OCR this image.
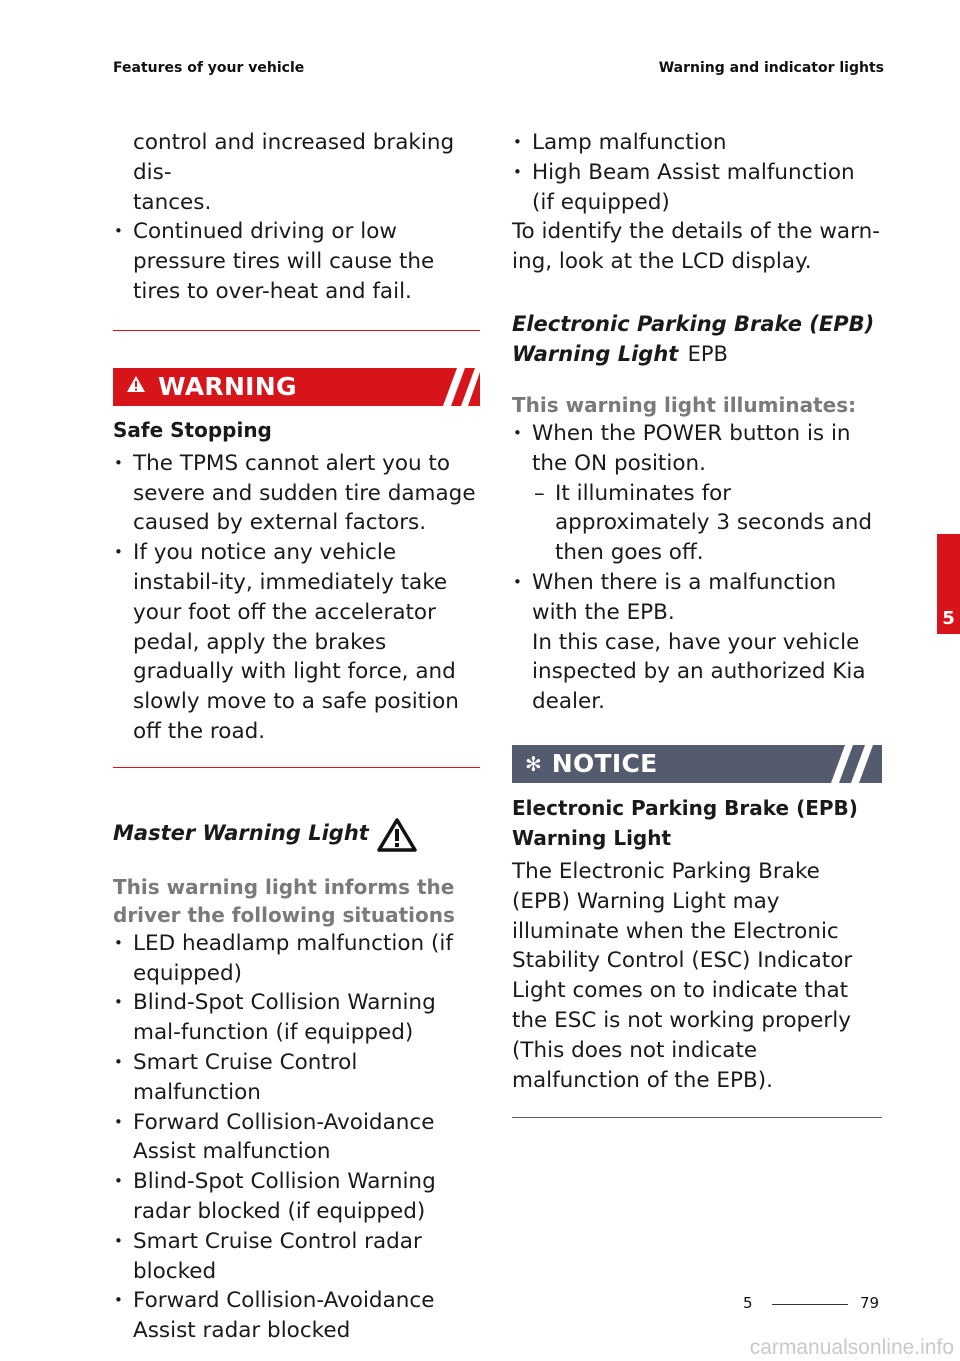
Features of your vehicle	Warning and indicator lights

control and increased braking dis-

tances.

• Continued driving or low pressure tires will cause the tires to over-heat and fail.
WARNING
Safe Stopping
• The TPMS cannot alert you to severe and sudden tire damage caused by external factors.
• If you notice any vehicle instabil-ity, immediately take your foot off the accelerator pedal, apply the brakes gradually with light force, and slowly move to a safe position off the road.
Master Warning Light
This warning light informs the driver the following situations
• LED headlamp malfunction (if equipped)
• Blind-Spot Collision Warning mal-function (if equipped)
• Smart Cruise Control malfunction
• Forward Collision-Avoidance Assist malfunction
• Blind-Spot Collision Warning radar blocked (if equipped)
• Smart Cruise Control radar blocked
• Forward Collision-Avoidance Assist radar blocked
• Lamp malfunction
• High Beam Assist malfunction (if equipped)

To identify the details of the warn-ing, look at the LCD display.

Electronic Parking Brake (EPB)
Warning Light EPB
This warning light illuminates:
• When the POWER button is in the ON position.
– It illuminates for approximately 3 seconds and then goes off.
• When there is a malfunction with the EPB.
In this case, have your vehicle inspected by an authorized Kia dealer.
✻ NOTICE
Electronic Parking Brake (EPB) Warning Light

The Electronic Parking Brake (EPB) Warning Light may illuminate when the Electronic Stability Control (ESC) Indicator Light comes on to indicate that the ESC is not working properly (This does not indicate malfunction of the EPB).

5
5	79
carmanualsonline.info
